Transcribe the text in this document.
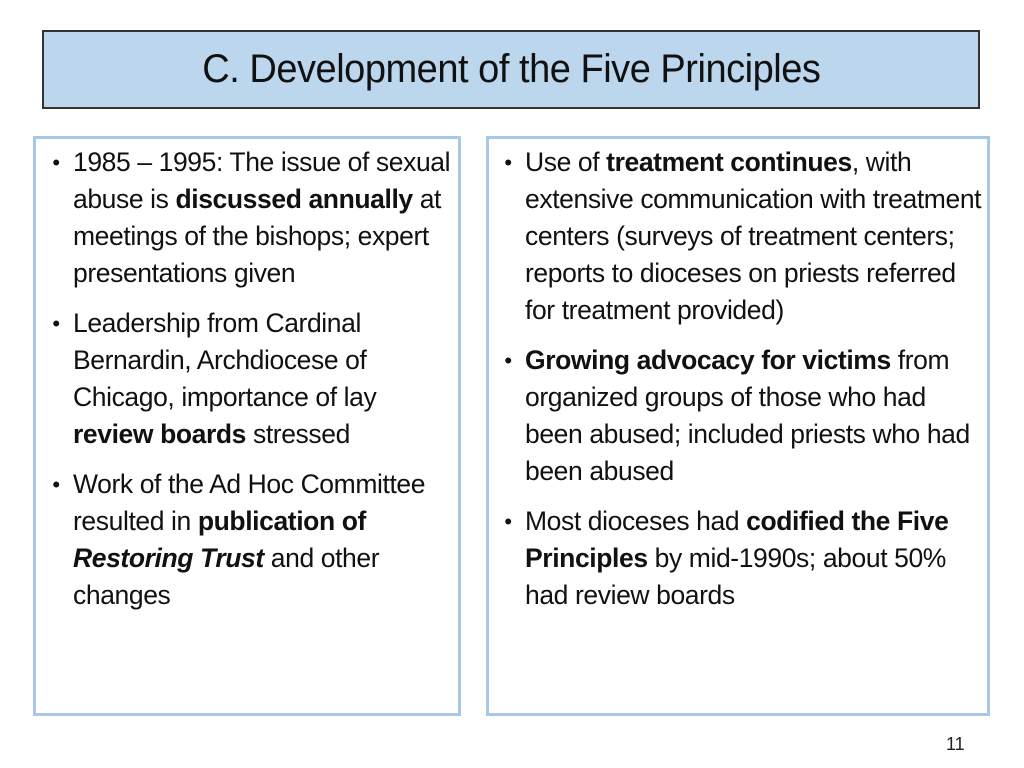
C. Development of the Five Principles
• 1985 – 1995: The issue of sexual abuse is discussed annually at meetings of the bishops; expert presentations given
• Leadership from Cardinal Bernardin, Archdiocese of Chicago, importance of lay review boards stressed
• Work of the Ad Hoc Committee resulted in publication of Restoring Trust and other changes
• Use of treatment continues, with extensive communication with treatment centers (surveys of treatment centers; reports to dioceses on priests referred for treatment provided)
• Growing advocacy for victims from organized groups of those who had been abused; included priests who had been abused
• Most dioceses had codified the Five Principles by mid-1990s; about 50% had review boards
11
